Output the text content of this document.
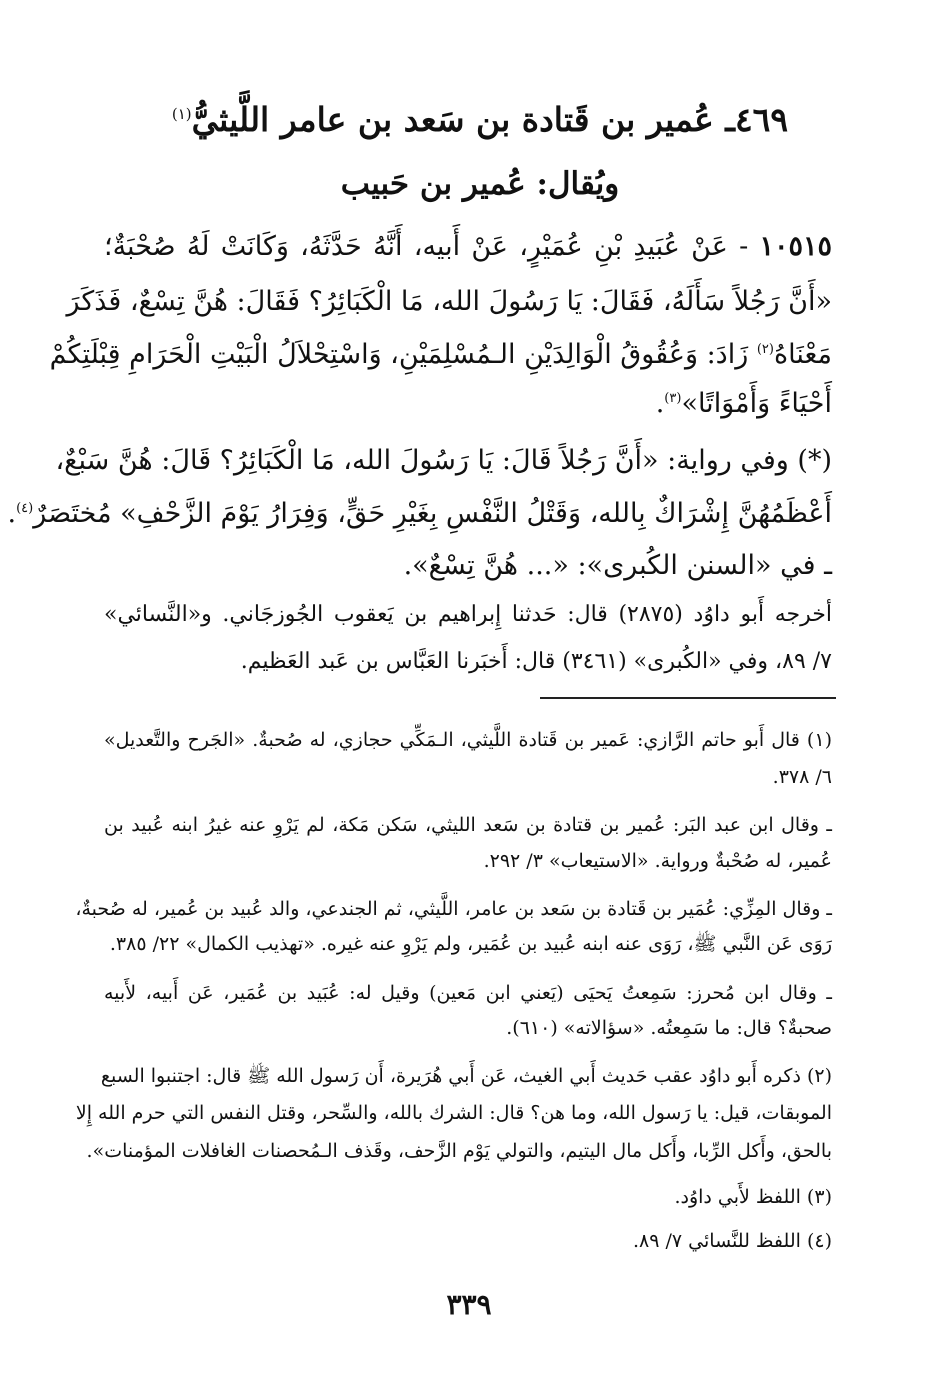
٤٦٩ـ عُمير بن قَتادة بن سَعد بن عامر اللَّيثيُّ$^{(١)}$
ويُقال: عُمير بن حَبيب
١٠٥١٥ - عَنْ عُبَيدِ بْنِ عُمَيْرٍ، عَنْ أَبيه، أَنَّهُ حَدَّثَهُ، وَكَانَتْ لَهُ صُحْبَةٌ؛
«أَنَّ رَجُلاً سَأَلَهُ، فَقَالَ: يَا رَسُولَ الله، مَا الْكَبَائِرُ؟ فَقَالَ: هُنَّ تِسْعٌ، فَذَكَرَ
مَعْنَاهُ$^{(٢)}$ زَادَ: وَعُقُوقُ الْوَالِدَيْنِ الـمُسْلِمَيْنِ، وَاسْتِحْلاَلُ الْبَيْتِ الْحَرَامِ قِبْلَتِكُمْ
أَحْيَاءً وَأَمْوَاتًا»$^{(٣)}$.
(*) وفي رواية: «أَنَّ رَجُلاً قَالَ: يَا رَسُولَ الله، مَا الْكَبَائِرُ؟ قَالَ: هُنَّ سَبْعٌ،
أَعْظَمُهُنَّ إِشْرَاكٌ بِالله، وَقَتْلُ النَّفْسِ بِغَيْرِ حَقٍّ، وَفِرَارُ يَوْمَ الزَّحْفِ» مُختَصَرٌ$^{(٤)}$.
ـ في «السنن الكُبرى»: «... هُنَّ تِسْعٌ».
أخرجه أَبو داوُد (٢٨٧٥) قال: حَدثنا إِبراهيم بن يَعقوب الجُوزجَاني. و«النَّسائي»
٧/ ٨٩، وفي «الكُبرى» (٣٤٦١) قال: أَخبَرنا العَبَّاس بن عَبد العَظيم.
(١) قال أَبو حاتم الرَّازي: عَمير بن قَتادة اللَّيثي، الـمَكِّي حجازي، له صُحبةٌ. «الجَرح والتَّعديل»
٦/ ٣٧٨.
ـ وقال ابن عبد البَر: عُمير بن قتادة بن سَعد الليثي، سَكن مَكة، لم يَرْوِ عنه غيرُ ابنه عُبيد بن
عُمير، له صُحْبةٌ ورواية. «الاستيعاب» ٣/ ٢٩٢.
ـ وقال المِزِّي: عُمَير بن قَتادة بن سَعد بن عامر، اللَّيثي، ثم الجندعي، والد عُبيد بن عُمير، له صُحبةٌ،
رَوَى عَن النَّبي ﷺ، رَوَى عنه ابنه عُبيد بن عُمَير، ولم يَرْوِ عنه غيره. «تهذيب الكمال» ٢٢/ ٣٨٥.
ـ وقال ابن مُحرز: سَمِعتُ يَحيَى (يَعني ابن مَعين) وقيل له: عُبَيد بن عُمَير، عَن أَبيه، لأَبيه
صحبةٌ؟ قال: ما سَمِعتُه. «سؤالاته» (٦١٠).
(٢) ذكره أَبو داوُد عقب حَديث أَبي الغيث، عَن أَبي هُرَيرة، أَن رَسول الله ﷺ قال: اجتنبوا السبع
الموبقات، قيل: يا رَسول الله، وما هن؟ قال: الشرك بالله، والسِّحر، وقتل النفس التي حرم الله إِلا
بالحق، وأَكل الرِّبا، وأَكل مال اليتيم، والتولي يَوْم الزَّحف، وقَذف الـمُحصنات الغافلات المؤمنات».
(٣) اللفظ لأَبي داوُد.
(٤) اللفظ للنَّسائي ٧/ ٨٩.
٣٣٩
